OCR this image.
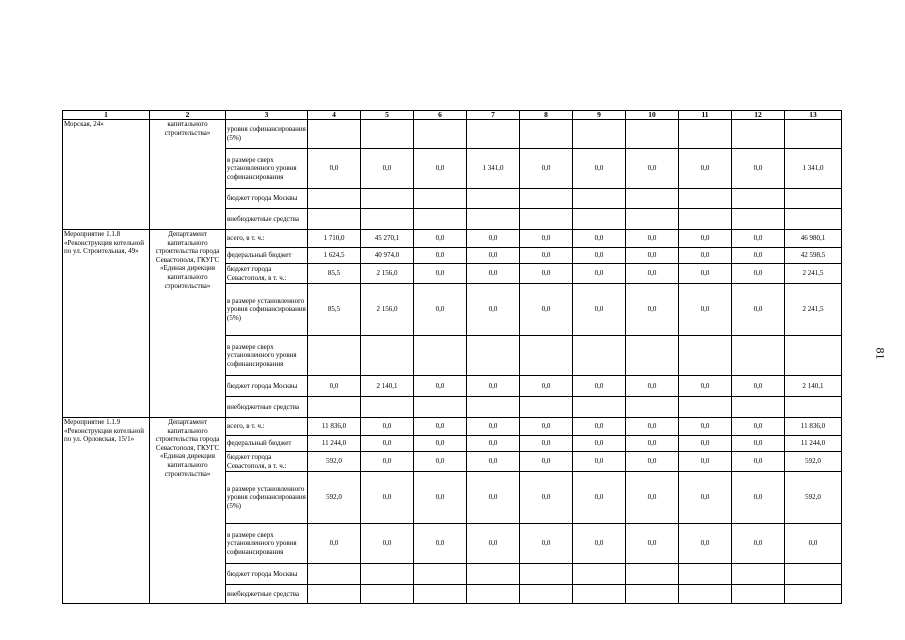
1	2	3	4	5	6	7	8	9	10	11	12	13
Морская, 24»	капитального строительства»	уровня софинансирования (5%)										
		в размере сверх установленного уровня софинансирования	0,0	0,0	0,0	1 341,0	0,0	0,0	0,0	0,0	0,0	1 341,0
		бюджет города Москвы										
		внебюджетные средства										
Мероприятие 1.1.8 «Реконструкция котельной по ул. Строительная, 49»	Департамент капитального строительства города Севастополя, ГКУГС «Единая дирекция капитального строительства»	всего, в т. ч.:	1 710,0	45 270,1	0,0	0,0	0,0	0,0	0,0	0,0	0,0	46 980,1
		федеральный бюджет	1 624,5	40 974,0	0,0	0,0	0,0	0,0	0,0	0,0	0,0	42 598,5
		бюджет города Севастополя, в т. ч.:	85,5	2 156,0	0,0	0,0	0,0	0,0	0,0	0,0	0,0	2 241,5
		в размере установленного уровня софинансирования (5%)	85,5	2 156,0	0,0	0,0	0,0	0,0	0,0	0,0	0,0	2 241,5
		в размере сверх установленного уровня софинансирования										
		бюджет города Москвы	0,0	2 140,1	0,0	0,0	0,0	0,0	0,0	0,0	0,0	2 140,1
		внебюджетные средства										
Мероприятие 1.1.9 «Реконструкция котельной по ул. Орловская, 15/1»	Департамент капитального строительства города Севастополя, ГКУГС «Единая дирекция капитального строительства»	всего, в т. ч.:	11 836,0	0,0	0,0	0,0	0,0	0,0	0,0	0,0	0,0	11 836,0
		федеральный бюджет	11 244,0	0,0	0,0	0,0	0,0	0,0	0,0	0,0	0,0	11 244,0
		бюджет города Севастополя, в т. ч.:	592,0	0,0	0,0	0,0	0,0	0,0	0,0	0,0	0,0	592,0
		в размере установленного уровня софинансирования (5%)	592,0	0,0	0,0	0,0	0,0	0,0	0,0	0,0	0,0	592,0
		в размере сверх установленного уровня софинансирования	0,0	0,0	0,0	0,0	0,0	0,0	0,0	0,0	0,0	0,0
		бюджет города Москвы										
		внебюджетные средства										
81
